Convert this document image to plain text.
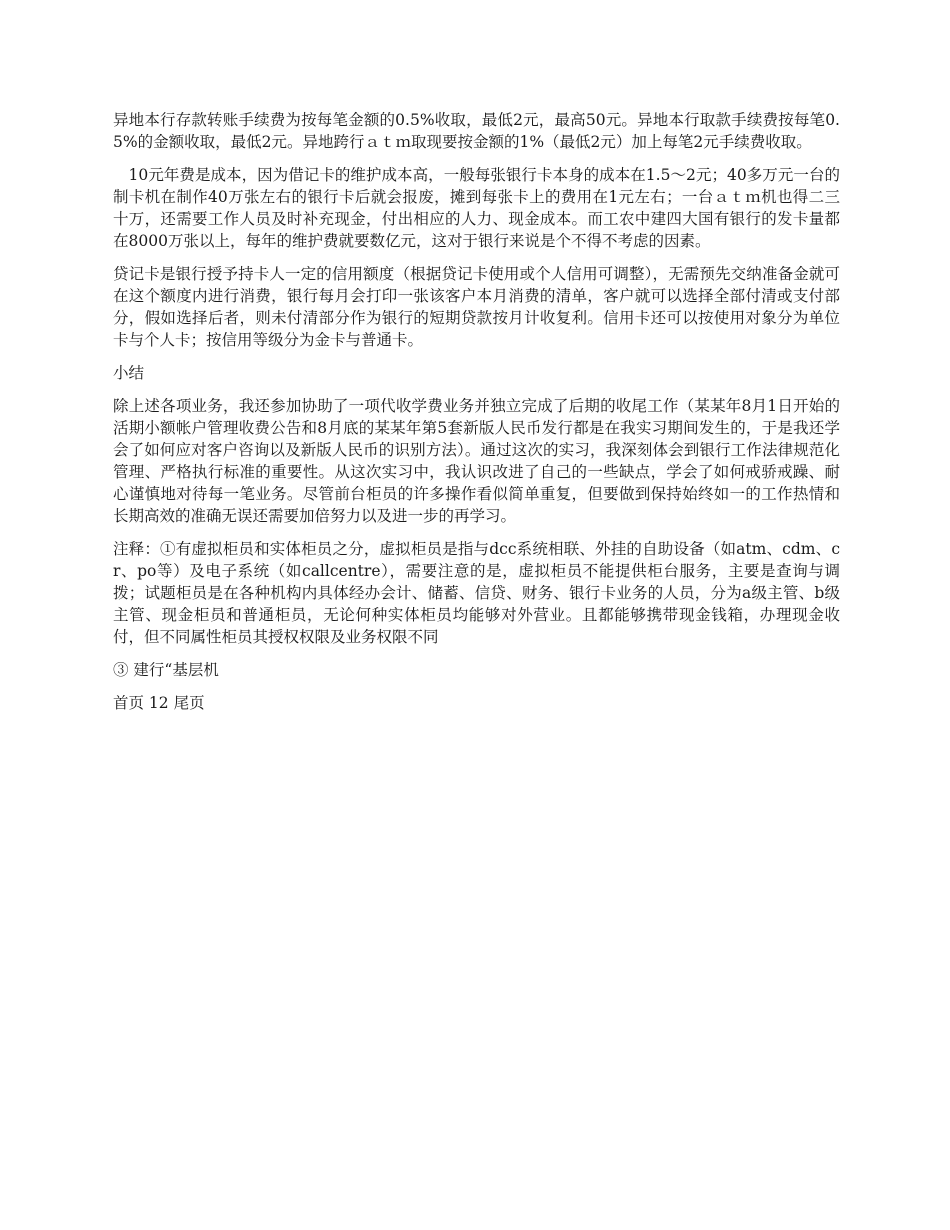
异地本行存款转账手续费为按每笔金额的0.5%收取，最低2元，最高50元。异地本行取款手续费按每笔0.5%的金额收取，最低2元。异地跨行ａｔｍ取现要按金额的1%（最低2元）加上每笔2元手续费收取。

　10元年费是成本，因为借记卡的维护成本高，一般每张银行卡本身的成本在1.5～2元；40多万元一台的制卡机在制作40万张左右的银行卡后就会报废，摊到每张卡上的费用在1元左右；一台ａｔｍ机也得二三十万，还需要工作人员及时补充现金，付出相应的人力、现金成本。而工农中建四大国有银行的发卡量都在8000万张以上，每年的维护费就要数亿元，这对于银行来说是个不得不考虑的因素。

贷记卡是银行授予持卡人一定的信用额度（根据贷记卡使用或个人信用可调整），无需预先交纳准备金就可在这个额度内进行消费，银行每月会打印一张该客户本月消费的清单，客户就可以选择全部付清或支付部分，假如选择后者，则未付清部分作为银行的短期贷款按月计收复利。信用卡还可以按使用对象分为单位卡与个人卡；按信用等级分为金卡与普通卡。

小结

除上述各项业务，我还参加协助了一项代收学费业务并独立完成了后期的收尾工作（某某年8月1日开始的活期小额帐户管理收费公告和8月底的某某年第5套新版人民币发行都是在我实习期间发生的，于是我还学会了如何应对客户咨询以及新版人民币的识别方法）。通过这次的实习，我深刻体会到银行工作法律规范化管理、严格执行标准的重要性。从这次实习中，我认识改进了自己的一些缺点，学会了如何戒骄戒躁、耐心谨慎地对待每一笔业务。尽管前台柜员的许多操作看似简单重复，但要做到保持始终如一的工作热情和长期高效的准确无误还需要加倍努力以及进一步的再学习。

注释：①有虚拟柜员和实体柜员之分，虚拟柜员是指与dcc系统相联、外挂的自助设备（如atm、cdm、cr、po等）及电子系统（如callcentre），需要注意的是，虚拟柜员不能提供柜台服务，主要是查询与调拨；试题柜员是在各种机构内具体经办会计、储蓄、信贷、财务、银行卡业务的人员，分为a级主管、b级主管、现金柜员和普通柜员，无论何种实体柜员均能够对外营业。且都能够携带现金钱箱，办理现金收付，但不同属性柜员其授权权限及业务权限不同

③ 建行“基层机

首页 12 尾页
